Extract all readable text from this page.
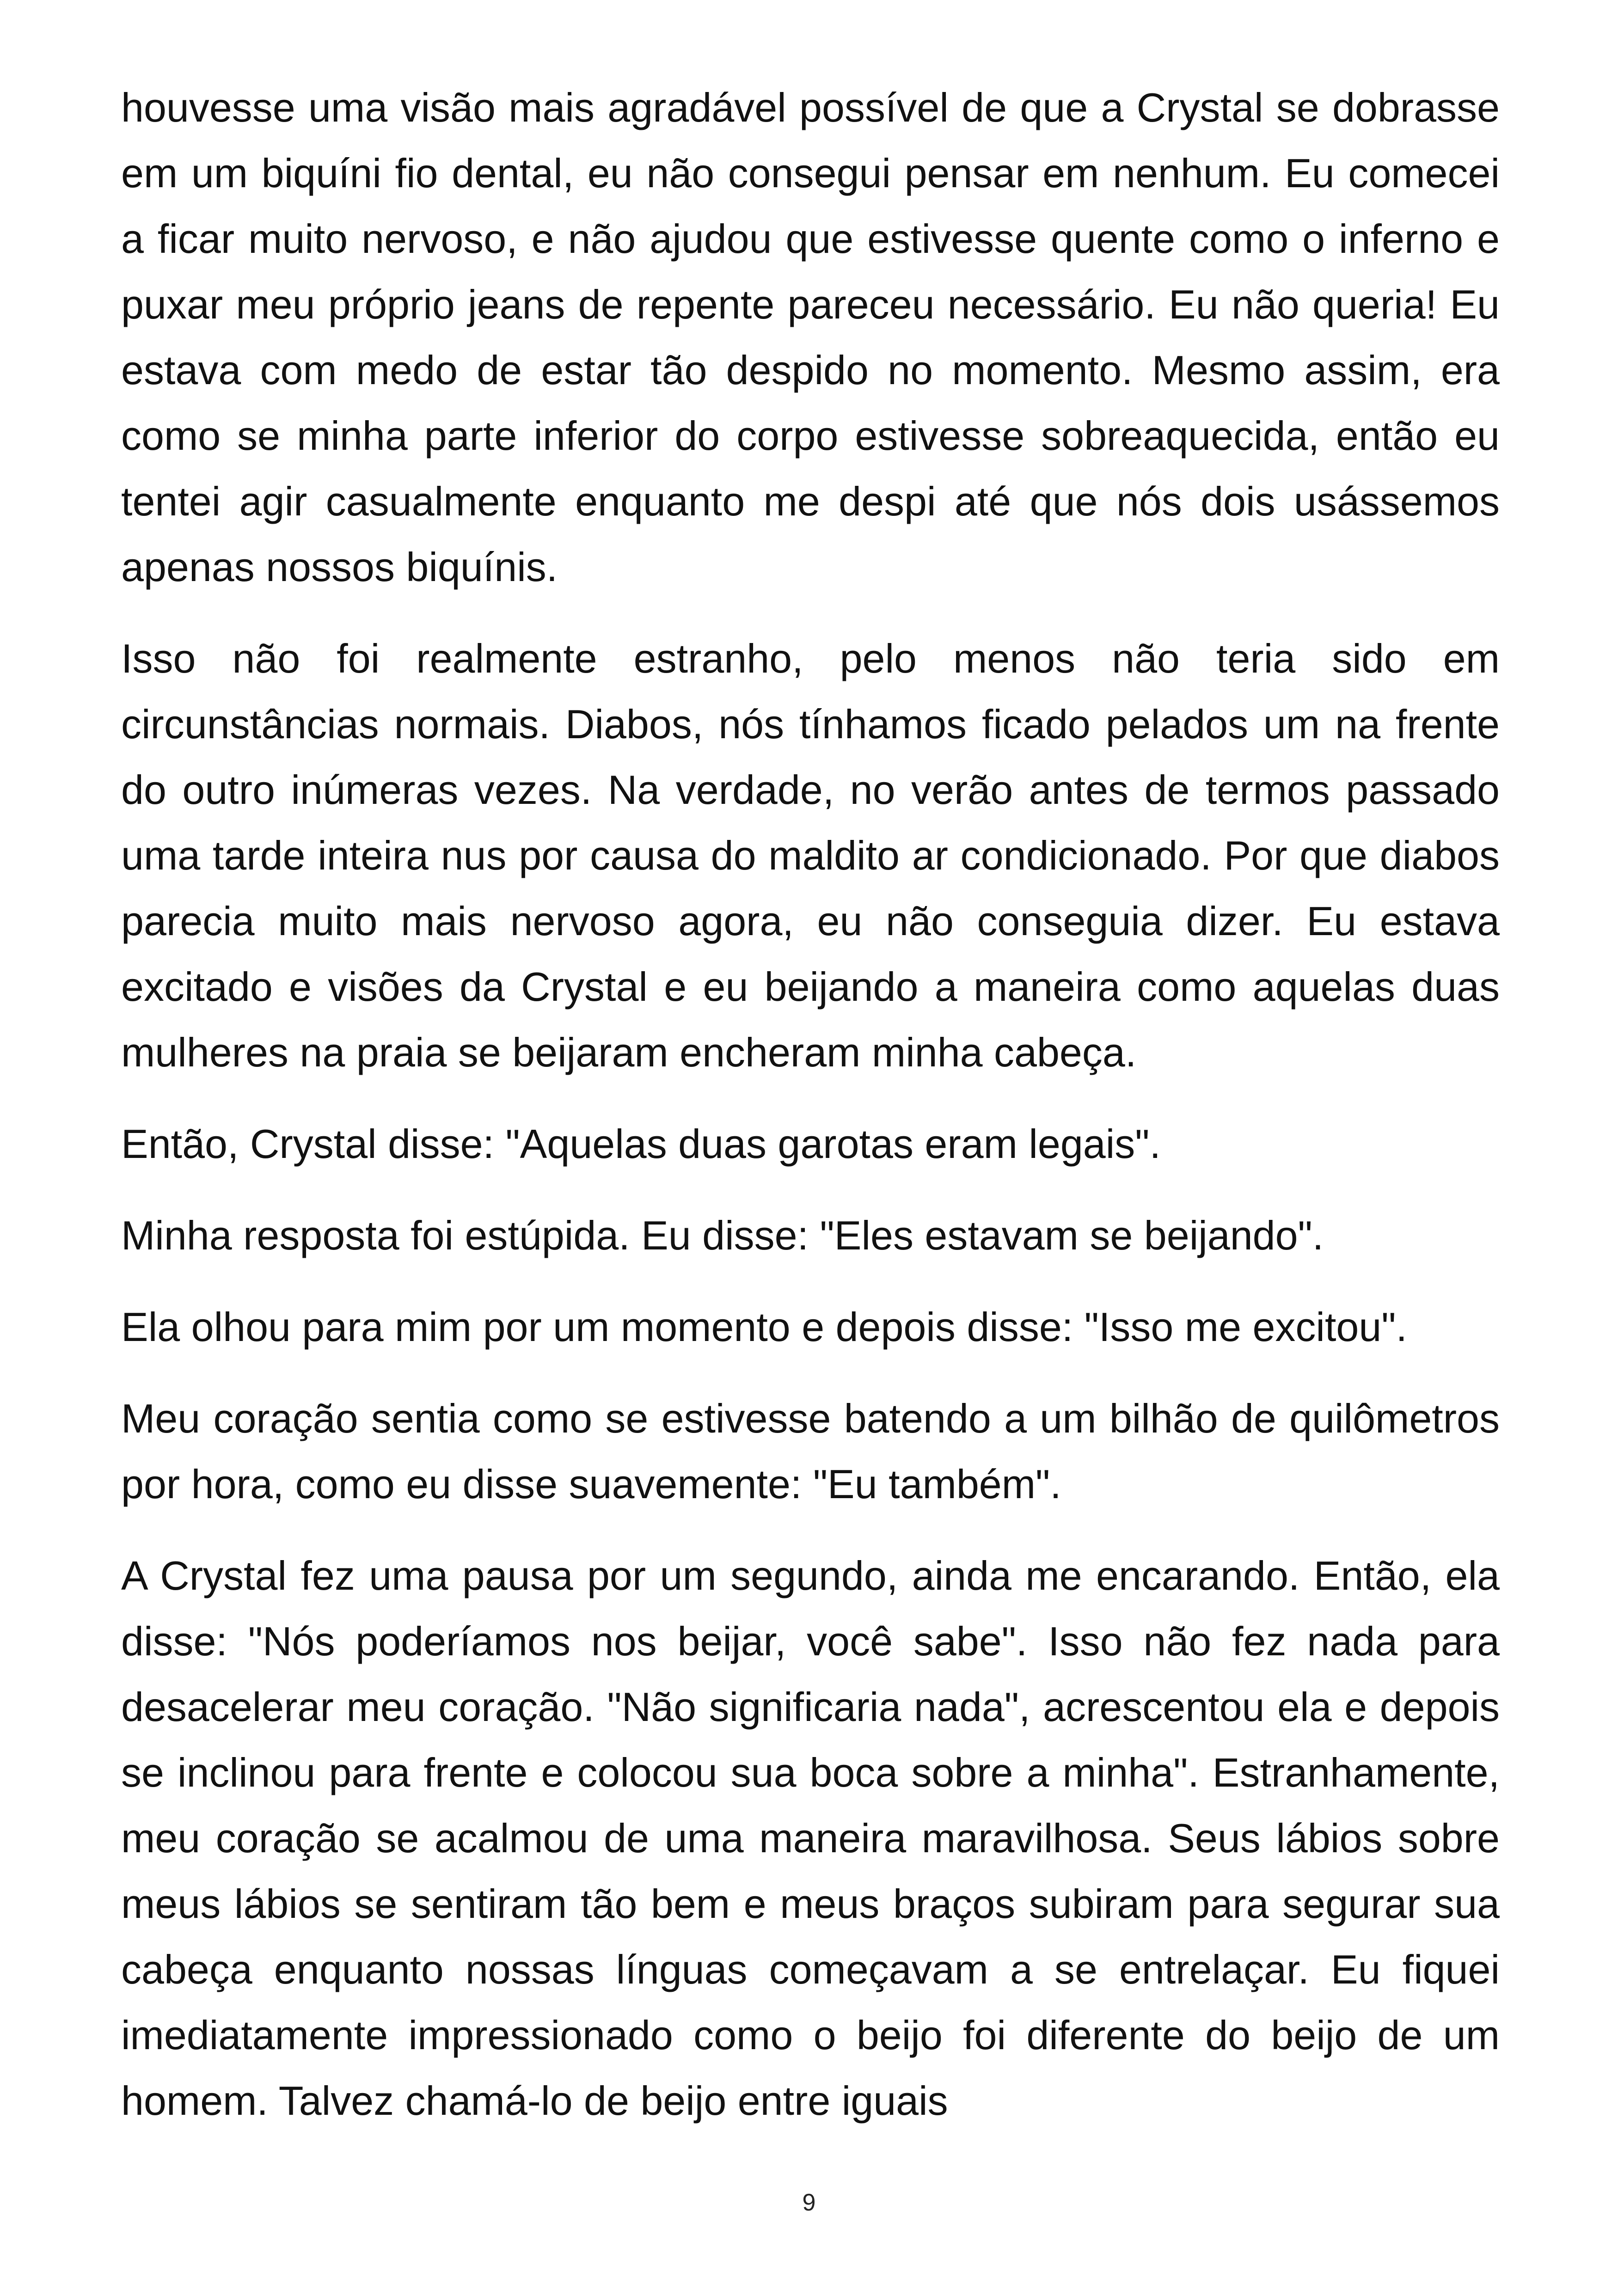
houvesse uma visão mais agradável possível de que a Crystal se dobrasse em um biquíni fio dental, eu não consegui pensar em nenhum. Eu comecei a ficar muito nervoso, e não ajudou que estivesse quente como o inferno e puxar meu próprio jeans de repente pareceu necessário. Eu não queria! Eu estava com medo de estar tão despido no momento. Mesmo assim, era como se minha parte inferior do corpo estivesse sobreaquecida, então eu tentei agir casualmente enquanto me despi até que nós dois usássemos apenas nossos biquínis.

Isso não foi realmente estranho, pelo menos não teria sido em circunstâncias normais. Diabos, nós tínhamos ficado pelados um na frente do outro inúmeras vezes. Na verdade, no verão antes de termos passado uma tarde inteira nus por causa do maldito ar condicionado. Por que diabos parecia muito mais nervoso agora, eu não conseguia dizer. Eu estava excitado e visões da Crystal e eu beijando a maneira como aquelas duas mulheres na praia se beijaram encheram minha cabeça.

Então, Crystal disse: "Aquelas duas garotas eram legais".

Minha resposta foi estúpida. Eu disse: "Eles estavam se beijando".

Ela olhou para mim por um momento e depois disse: "Isso me excitou".

Meu coração sentia como se estivesse batendo a um bilhão de quilômetros por hora, como eu disse suavemente: "Eu também".

A Crystal fez uma pausa por um segundo, ainda me encarando. Então, ela disse: "Nós poderíamos nos beijar, você sabe". Isso não fez nada para desacelerar meu coração. "Não significaria nada", acrescentou ela e depois se inclinou para frente e colocou sua boca sobre a minha". Estranhamente, meu coração se acalmou de uma maneira maravilhosa. Seus lábios sobre meus lábios se sentiram tão bem e meus braços subiram para segurar sua cabeça enquanto nossas línguas começavam a se entrelaçar. Eu fiquei imediatamente impressionado como o beijo foi diferente do beijo de um homem. Talvez chamá-lo de beijo entre iguais

9
